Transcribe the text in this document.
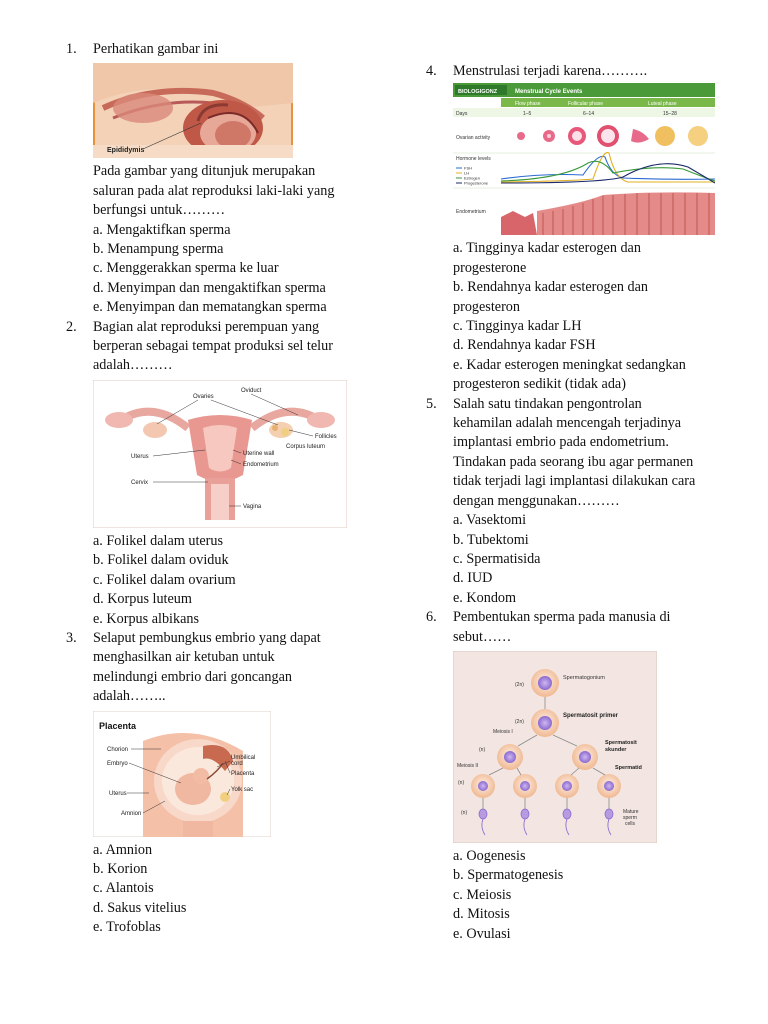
1. Perhatikan gambar ini
Epididymis
Pada gambar yang ditunjuk merupakan
saluran pada alat reproduksi laki-laki yang
berfungsi untuk………
a. Mengaktifkan sperma
b. Menampung sperma
c. Menggerakkan sperma ke luar
d. Menyimpan dan mengaktifkan sperma
e. Menyimpan dan mematangkan sperma
2. Bagian alat reproduksi perempuan yang
berperan sebagai tempat produksi sel telur
adalah………
Ovaries
Oviduct
Follicles
Corpus luteum
Uterus	Uterine wall
Endometrium
Cervix
Vagina
a. Folikel dalam uterus
b. Folikel dalam oviduk
c. Folikel dalam ovarium
d. Korpus luteum
e. Korpus albikans
3. Selaput pembungkus embrio yang dapat
menghasilkan air ketuban untuk
melindungi embrio dari goncangan
adalah……..
Placenta
Chorion
Embryo
Uterus
Amnion
Umbilical
cord
Placenta
Yolk sac
a. Amnion
b. Korion
c. Alantois
d. Sakus vitelius
e. Trofoblas
4. Menstrulasi terjadi karena……….
BIOLOGIGONZ	Menstrual Cycle Events
Flow phase	Follicular phase	Luteal phase
Days	1–5	6–14	15–28
Ovarian activity
Hormone levels
FSH
LH
Estrogen
Progesterone
Endometrium
a. Tingginya kadar esterogen dan
progesterone
b. Rendahnya kadar esterogen dan
progesteron
c. Tingginya kadar LH
d. Rendahnya kadar FSH
e. Kadar esterogen meningkat sedangkan
progesteron sedikit (tidak ada)
5. Salah satu tindakan pengontrolan
kehamilan adalah mencengah terjadinya
implantasi embrio pada endometrium.
Tindakan pada seorang ibu agar permanen
tidak terjadi lagi implantasi dilakukan cara
dengan menggunakan………
a. Vasektomi
b. Tubektomi
c. Spermatisida
d. IUD
e. Kondom
6. Pembentukan sperma pada manusia di
sebut……
Spermatogonium
Spermatosit primer
Spermatosit
skunder
Spermatid
Meiosis I
Meiosis II
Mature
sperm
cells
(2n)
(2n)
(n)
(n)
(n)
a. Oogenesis
b. Spermatogenesis
c. Meiosis
d. Mitosis
e. Ovulasi
